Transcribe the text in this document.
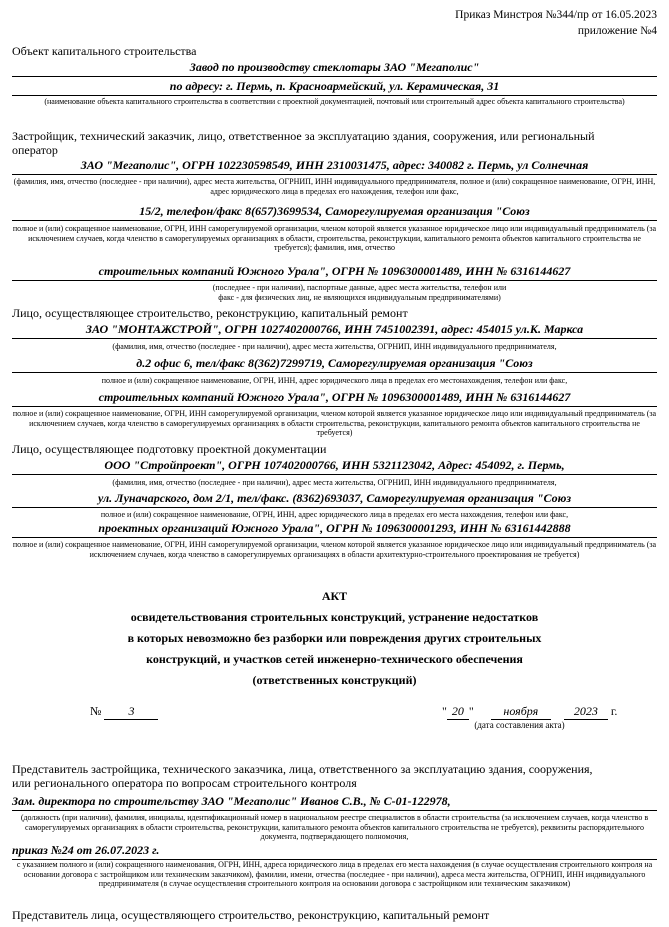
Приказ Минстроя №344/пр от 16.05.2023
приложение №4
Объект капитального строительства
Завод по производству стеклотары ЗАО "Мегаполис"
по адресу: г. Пермь, п. Красноармейский, ул. Керамическая, 31
(наименование объекта капитального строительства в соответствии с проектной документацией, почтовый или строительный адрес объекта капитального строительства)
Застройщик, технический заказчик, лицо, ответственное за эксплуатацию здания, сооружения, или региональный оператор
ЗАО "Мегаполис", ОГРН 102230598549, ИНН 2310031475, адрес: 340082 г. Пермь, ул Солнечная
(фамилия, имя, отчество (последнее - при наличии), адрес места жительства, ОГРНИП, ИНН индивидуального предпринимателя, полное и (или) сокращенное наименование, ОГРН, ИНН, адрес юридического лица в пределах его нахождения, телефон или факс,
15/2, телефон/факс 8(657)3699534, Саморегулируемая организация "Союз
полное и (или) сокращенное наименование, ОГРН, ИНН саморегулируемой организации, членом которой является указанное юридическое лицо или индивидуальный предприниматель (за исключением случаев, когда членство в саморегулируемых организациях в области, строительства, реконструкции, капитального ремонта объектов капитального строительства не требуется); фамилия, имя, отчество
строительных компаний Южного Урала", ОГРН № 1096300001489, ИНН № 6316144627
(последнее - при наличии), паспортные данные, адрес места жительства, телефон или факс - для физических лиц, не являющихся индивидуальным предпринимателями)
Лицо, осуществляющее строительство, реконструкцию, капитальный ремонт
ЗАО "МОНТАЖСТРОЙ", ОГРН 1027402000766, ИНН 7451002391, адрес: 454015 ул.К. Маркса
(фамилия, имя, отчество (последнее - при наличии), адрес места жительства, ОГРНИП, ИНН индивидуального предпринимателя,
д.2 офис 6, тел/факс 8(362)7299719, Саморегулируемая организация "Союз
полное и (или) сокращенное наименование, ОГРН, ИНН, адрес юридического лица в пределах его местонахождения, телефон или факс,
строительных компаний Южного Урала", ОГРН № 1096300001489, ИНН № 6316144627
полное и (или) сокращенное наименование, ОГРН, ИНН саморегулируемой организации, членом которой является указанное юридическое лицо или индивидуальный предприниматель (за исключением случаев, когда членство в саморегулируемых организациях в области строительства, реконструкции, капитального ремонта объектов капитального строительства не требуется)
Лицо, осуществляющее подготовку проектной документации
ООО "Стройпроект", ОГРН 107402000766, ИНН 5321123042, Адрес: 454092, г. Пермь,
(фамилия, имя, отчество (последнее - при наличии), адрес места жительства, ОГРНИП, ИНН индивидуального предпринимателя,
ул. Луначарского, дом 2/1, тел/факс. (8362)693037, Саморегулируемая организация "Союз
полное и (или) сокращенное наименование, ОГРН, ИНН, адрес юридического лица в пределах его места нахождения, телефон или факс,
проектных организаций Южного Урала", ОГРН № 1096300001293, ИНН № 63161442888
полное и (или) сокращенное наименование, ОГРН, ИНН саморегулируемой организации, членом которой является указанное юридическое лицо или индивидуальный предприниматель (за исключением случаев, когда членство в саморегулируемых организациях в области архитектурно-строительного проектирования не требуется)
АКТ
освидетельствования строительных конструкций, устранение недостатков
в которых невозможно без разборки или повреждения других строительных
конструкций, и участков сетей инженерно-технического обеспечения
(ответственных конструкций)
№ 3	" 20 " ноября	2023 г.
(дата составления акта)
Представитель застройщика, технического заказчика, лица, ответственного за эксплуатацию здания, сооружения, или регионального оператора по вопросам строительного контроля
Зам. директора по строительству ЗАО "Мегаполис" Иванов С.В., № С-01-122978,
(должность (при наличии), фамилия, инициалы, идентификационный номер в национальном реестре специалистов в области строительства (за исключением случаев, когда членство в саморегулируемых организациях в области строительства, реконструкции, капитального ремонта объектов капитального строительства не требуется), реквизиты распорядительного документа, подтверждающего полномочия,
приказ №24 от 26.07.2023 г.
с указанием полного и (или) сокращенного наименования, ОГРН, ИНН, адреса юридического лица в пределах его места нахождения (в случае осуществления строительного контроля на основании договора с застройщиком или техническим заказчиком), фамилии, имени, отчества (последнее - при наличии), адреса места жительства, ОГРНИП, ИНН индивидуального предпринимателя (в случае осуществления строительного контроля на основании договора с застройщиком или техническим заказчиком)
Представитель лица, осуществляющего строительство, реконструкцию, капитальный ремонт
